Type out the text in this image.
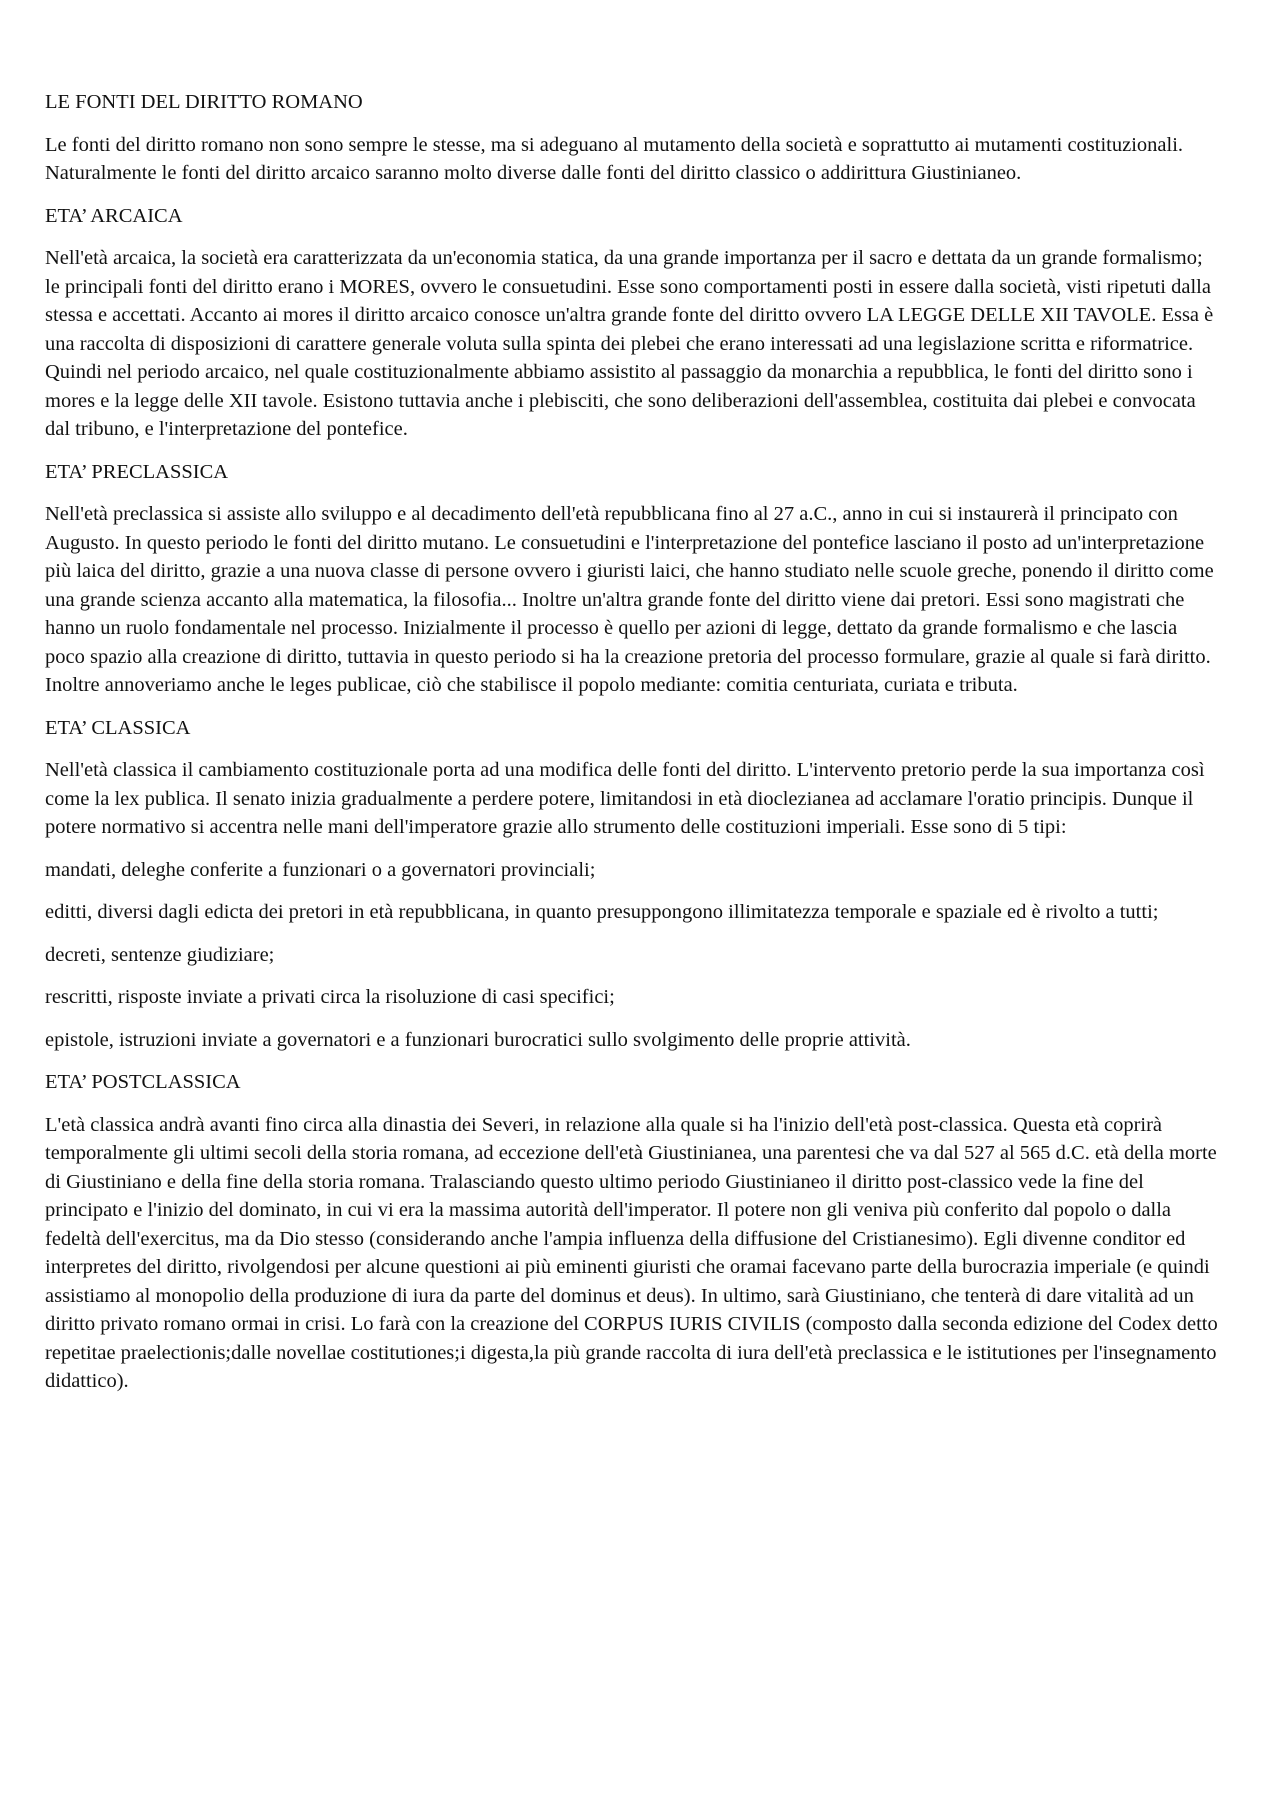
LE FONTI DEL DIRITTO ROMANO

Le fonti del diritto romano non sono sempre le stesse, ma si adeguano al mutamento della società e soprattutto ai mutamenti costituzionali. Naturalmente le fonti del diritto arcaico saranno molto diverse dalle fonti del diritto classico o addirittura Giustinianeo.

ETA’ ARCAICA

Nell'età arcaica, la società era caratterizzata da un'economia statica, da una grande importanza per il sacro e dettata da un grande formalismo; le principali fonti del diritto erano i MORES, ovvero le consuetudini. Esse sono comportamenti posti in essere dalla società, visti ripetuti dalla stessa e accettati. Accanto ai mores il diritto arcaico conosce un'altra grande fonte del diritto ovvero LA LEGGE DELLE XII TAVOLE. Essa è una raccolta di disposizioni di carattere generale voluta sulla spinta dei plebei che erano interessati ad una legislazione scritta e riformatrice. Quindi nel periodo arcaico, nel quale costituzionalmente abbiamo assistito al passaggio da monarchia a repubblica, le fonti del diritto sono i mores e la legge delle XII tavole. Esistono tuttavia anche i plebisciti, che sono deliberazioni dell'assemblea, costituita dai plebei e convocata dal tribuno, e l'interpretazione del pontefice.

ETA’ PRECLASSICA

Nell'età preclassica si assiste allo sviluppo e al decadimento dell'età repubblicana fino al 27 a.C., anno in cui si instaurerà il principato con Augusto. In questo periodo le fonti del diritto mutano. Le consuetudini e l'interpretazione del pontefice lasciano il posto ad un'interpretazione più laica del diritto, grazie a una nuova classe di persone ovvero i giuristi laici, che hanno studiato nelle scuole greche, ponendo il diritto come una grande scienza accanto alla matematica, la filosofia... Inoltre un'altra grande fonte del diritto viene dai pretori. Essi sono magistrati che hanno un ruolo fondamentale nel processo. Inizialmente il processo è quello per azioni di legge, dettato da grande formalismo e che lascia poco spazio alla creazione di diritto, tuttavia in questo periodo si ha la creazione pretoria del processo formulare, grazie al quale si farà diritto. Inoltre annoveriamo anche le leges publicae, ciò che stabilisce il popolo mediante: comitia centuriata, curiata e tributa.

ETA’ CLASSICA

Nell'età classica il cambiamento costituzionale porta ad una modifica delle fonti del diritto. L'intervento pretorio perde la sua importanza così come la lex publica. Il senato inizia gradualmente a perdere potere, limitandosi in età dioclezianea ad acclamare l'oratio principis. Dunque il potere normativo si accentra nelle mani dell'imperatore grazie allo strumento delle costituzioni imperiali. Esse sono di 5 tipi:

mandati, deleghe conferite a funzionari o a governatori provinciali;

editti, diversi dagli edicta dei pretori in età repubblicana, in quanto presuppongono illimitatezza temporale e spaziale ed è rivolto a tutti;

decreti, sentenze giudiziare;

rescritti, risposte inviate a privati circa la risoluzione di casi specifici;

epistole, istruzioni inviate a governatori e a funzionari burocratici sullo svolgimento delle proprie attività.

ETA’ POSTCLASSICA

L'età classica andrà avanti fino circa alla dinastia dei Severi, in relazione alla quale si ha l'inizio dell'età post-classica. Questa età coprirà temporalmente gli ultimi secoli della storia romana, ad eccezione dell'età Giustinianea, una parentesi che va dal 527 al 565 d.C. età della morte di Giustiniano e della fine della storia romana. Tralasciando questo ultimo periodo Giustinianeo il diritto post-classico vede la fine del principato e l'inizio del dominato, in cui vi era la massima autorità dell'imperator. Il potere non gli veniva più conferito dal popolo o dalla fedeltà dell'exercitus, ma da Dio stesso (considerando anche l'ampia influenza della diffusione del Cristianesimo). Egli divenne conditor ed interpretes del diritto, rivolgendosi per alcune questioni ai più eminenti giuristi che oramai facevano parte della burocrazia imperiale (e quindi assistiamo al monopolio della produzione di iura da parte del dominus et deus). In ultimo, sarà Giustiniano, che tenterà di dare vitalità ad un diritto privato romano ormai in crisi. Lo farà con la creazione del CORPUS IURIS CIVILIS (composto dalla seconda edizione del Codex detto repetitae praelectionis;dalle novellae costitutiones;i digesta,la più grande raccolta di iura dell'età preclassica e le istitutiones per l'insegnamento didattico).
